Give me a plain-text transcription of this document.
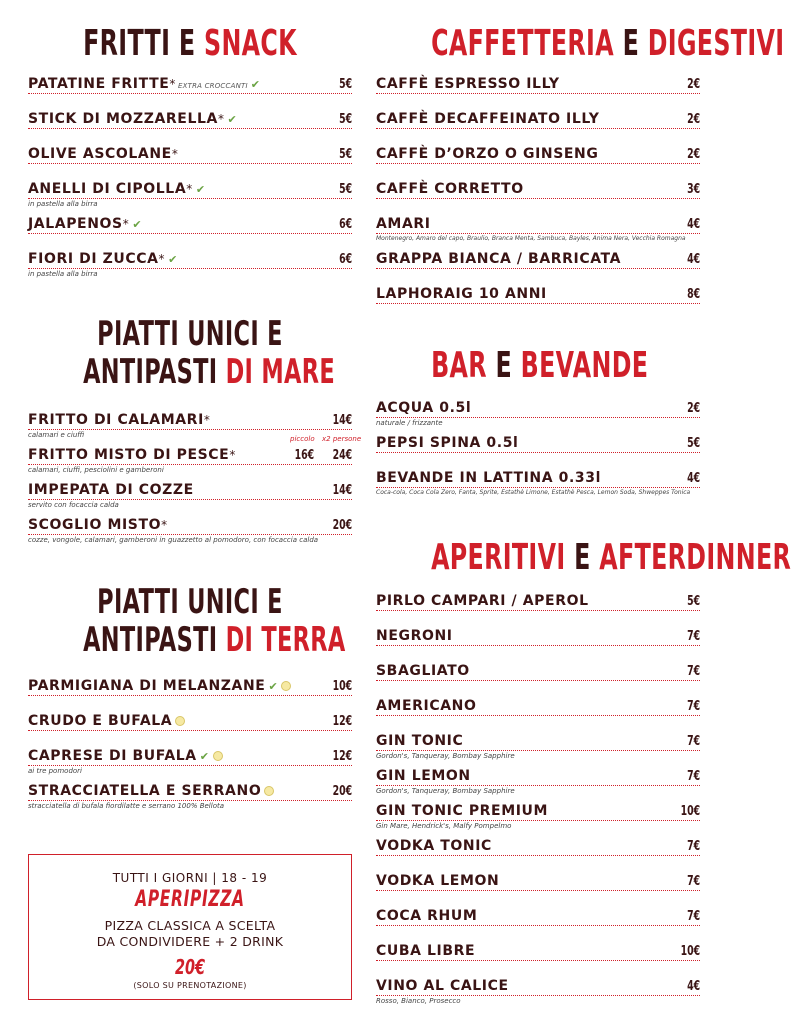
FRITTI E SNACK
PATATINE FRITTE* EXTRA CROCCANTI ✔	5€
STICK DI MOZZARELLA* ✔	5€
OLIVE ASCOLANE*	5€
ANELLI DI CIPOLLA* ✔	5€
in pastella alla birra
JALAPENOS* ✔	6€
FIORI DI ZUCCA* ✔	6€
in pastella alla birra
PIATTI UNICI E
ANTIPASTI DI MARE
FRITTO DI CALAMARI*	14€
calamari e ciuffi	piccolo x2 persone
FRITTO MISTO DI PESCE*	16€ 24€
calamari, ciuffi, pesciolini e gamberoni
IMPEPATA DI COZZE	14€
servito con focaccia calda
SCOGLIO MISTO*	20€
cozze, vongole, calamari, gamberoni in guazzetto al pomodoro, con focaccia calda
PIATTI UNICI E
ANTIPASTI DI TERRA
PARMIGIANA DI MELANZANE ✔	10€
CRUDO E BUFALA	12€
CAPRESE DI BUFALA ✔	12€
ai tre pomodori
STRACCIATELLA E SERRANO	20€
stracciatella di bufala fiordilatte e serrano 100% Bellota
TUTTI I GIORNI | 18 - 19
APERIPIZZA
PIZZA CLASSICA A SCELTA
DA CONDIVIDERE + 2 DRINK
20€
(SOLO SU PRENOTAZIONE)
CAFFETTERIA E DIGESTIVI
CAFFÈ ESPRESSO ILLY	2€
CAFFÈ DECAFFEINATO ILLY	2€
CAFFÈ D’ORZO O GINSENG	2€
CAFFÈ CORRETTO	3€
AMARI	4€
Montenegro, Amaro del capo, Braulio, Branca Menta, Sambuca, Bayles, Anima Nera, Vecchia Romagna
GRAPPA BIANCA / BARRICATA	4€
LAPHORAIG 10 ANNI	8€
BAR E BEVANDE
ACQUA 0.5l	2€
naturale / frizzante
PEPSI SPINA 0.5l	5€
BEVANDE IN LATTINA 0.33l	4€
Coca-cola, Coca Cola Zero, Fanta, Sprite, Estathè Limone, Estathè Pesca, Lemon Soda, Shweppes Tonica
APERITIVI E AFTERDINNER
PIRLO CAMPARI / APEROL	5€
NEGRONI	7€
SBAGLIATO	7€
AMERICANO	7€
GIN TONIC	7€
Gordon's, Tanqueray, Bombay Sapphire
GIN LEMON	7€
Gordon's, Tanqueray, Bombay Sapphire
GIN TONIC PREMIUM	10€
Gin Mare, Hendrick's, Malfy Pompelmo
VODKA TONIC	7€
VODKA LEMON	7€
COCA RHUM	7€
CUBA LIBRE	10€
VINO AL CALICE	4€
Rosso, Bianco, Prosecco
